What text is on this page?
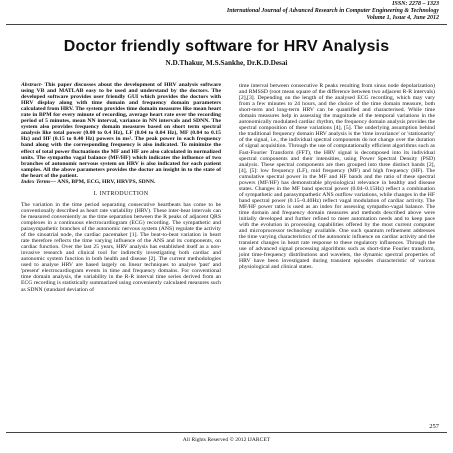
ISSN: 2278 – 1323
International Journal of Advanced Research in Computer Engineering & Technology
Volume 1, Issue 4, June 2012
Doctor friendly software for HRV Analysis
N.D.Thakur, M.S.Sankhe, Dr.K.D.Desai

Abstract- This paper discusses about the development of HRV analysis software using VB and MATLAB easy to be used and understand by the doctors. The developed software provides user friendly GUI which provides the doctors with HRV display along with time domain and frequency domain parameters calculated from HRV. The system provides time domain measures like mean heart rate in BPM for every minute of recording, average heart rate over the recording period of 5 minutes, mean NN interval, variance in NN intervals and SDNN. The system also provides frequency domain measures based on short term spectral analysis like total power (0.00 to 0.4 Hz), LF (0.04 to 0.04 Hz), MF (0.04 to 0.15 Hz) and HF (0.15 to 0.40 Hz) powers in ms². The peak power in each frequency band along with the corresponding frequency is also indicated. To minimize the effect of total power fluctuations the MF and HF are also calculated in normalized units. The sympatho vagal balance (MF/HF) which indicates the influence of two branches of autonomic nervous system on HRV is also indicated for each patient samples. All the above parameters provides the doctor an insight in to the state of the heart of the patient.

Index Terms— ANS, BPM, ECG, HRV, HRVPS, SDNN.

I. INTRODUCTION

The variation in the time period separating consecutive heartbeats has come to be conventionally described as heart rate variability (HRV). These inter-beat intervals can be measured conveniently as the time separation between the R peaks of adjacent QRS complexes in a continuous electrocardiogram (ECG) recording. The sympathetic and parasympathetic branches of the autonomic nervous system (ANS) regulate the activity of the sinoatrial node, the cardiac pacemaker [1]. The beat-to-beat variation in heart rate therefore reflects the time varying influence of the ANS and its components, on cardiac function. Over the last 25 years, HRV analysis has established itself as a non-invasive research and clinical tool for indirectly investigating both cardiac and autonomic system function in both health and disease [2]. The current methodologies used to analyse HRV are based largely on linear techniques to analyse 'past' and 'present' electrocardiogram events in time and frequency domains. For conventional time domain analysis, the variability in the R-R interval time series derived from an ECG recording is statistically summarized using conveniently calculated measures such as SDNN (standard deviation of

time interval between consecutive R peaks resulting from sinus node depolarization) and RMSSD (root mean square of the difference between two adjacent R-R intervals)[2],[3]. Depending on the length of the analysed ECG recording, which may vary from a few minutes to 24 hours, and the choice of the time domain measure, both short-term and long-term HRV can be quantified and characterised. While time domain measures help in assessing the magnitude of the temporal variations in the autonomically modulated cardiac rhythm, the frequency domain analysis provides the spectral composition of these variations [4], [5]. The underlying assumption behind the traditional frequency domain HRV analysis is the 'time invariance' or 'stationarity' of the signal, i.e., the individual spectral components do not change over the duration of signal acquisition. Through the use of computationally efficient algorithms such as Fast-Fourier Transform (FFT), the HRV signal is decomposed into its individual spectral components and their intensities, using Power Spectral Density (PSD) analysis. These spectral components are then grouped into three distinct bands [2], [4], [5]: low frequency (LF), mid frequency (MF) and high frequency (HF). The cumulative spectral power in the MF and HF bands and the ratio of these spectral powers (MF/HF) has demonstrable physiological relevance in healthy and disease states. Changes in the MF band spectral power (0.04–0.15Hz) reflect a combination of sympathetic and parasympathetic ANS outflow variations, while changes in the HF band spectral power (0.15–0.40Hz) reflect vagal modulation of cardiac activity. The MF/HF power ratio is used as an index for assessing sympatho-vagal balance. The time domain and frequency domain measures and methods described above were initially developed and further refined to meet automation needs and to keep pace with the evolution in processing capabilities offered by the most current computer and microprocessor technology available. One such quantum refinement addresses the time varying characteristics of the autonomic influence on cardiac activity and the transient changes in heart rate response to these regulatory influences. Through the use of advanced signal processing algorithms such as short-time Fourier transform, joint time-frequency distributions and wavelets, the dynamic spectral properties of HRV have been investigated during transient episodes characteristic of various physiological and clinical states.

257
All Rights Reserved © 2012 IJARCET
